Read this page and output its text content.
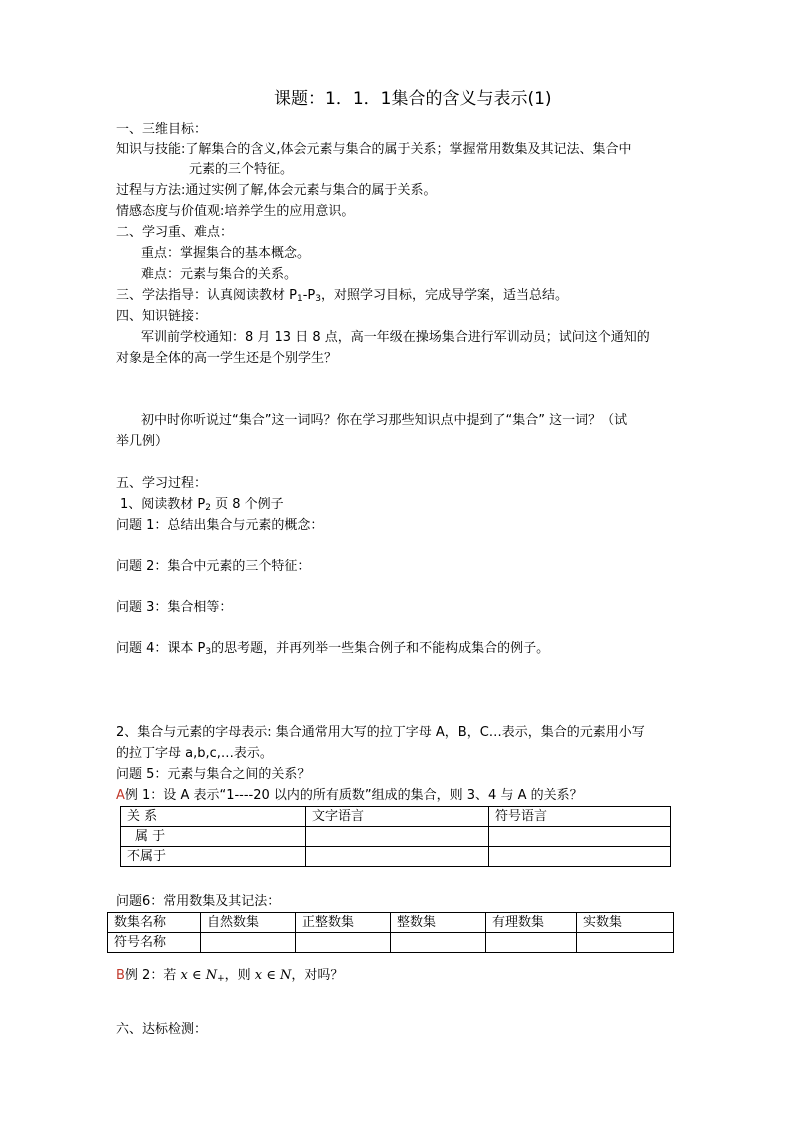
课题：1．1．1集合的含义与表示(1)
一、三维目标：
知识与技能:了解集合的含义,体会元素与集合的属于关系；掌握常用数集及其记法、集合中
元素的三个特征。
过程与方法:通过实例了解,体会元素与集合的属于关系。
情感态度与价值观:培养学生的应用意识。
二、学习重、难点：
重点：掌握集合的基本概念。
难点：元素与集合的关系。
三、学法指导：认真阅读教材 $P_1-P_3$，对照学习目标，完成导学案，适当总结。
四、知识链接：
军训前学校通知：8 月 13 日 8 点，高一年级在操场集合进行军训动员；试问这个通知的
对象是全体的高一学生还是个别学生？
初中时你听说过“集合”这一词吗？你在学习那些知识点中提到了“集合” 这一词？（试
举几例）
五、学习过程：
1、阅读教材 $P_2$ 页 8 个例子
问题 1：总结出集合与元素的概念：
问题 2：集合中元素的三个特征：
问题 3：集合相等：
问题 4：课本 $P_3$的思考题，并再列举一些集合例子和不能构成集合的例子。
2、集合与元素的字母表示: 集合通常用大写的拉丁字母 A，B，C…表示，集合的元素用小写
的拉丁字母 a,b,c,…表示。
问题 5：元素与集合之间的关系？
A例 1：设 A 表示“1----20 以内的所有质数”组成的集合，则 3、4 与 A 的关系？
关 系	文字语言	符号语言
属 于		
不属于		
问题6：常用数集及其记法：
数集名称	自然数集	正整数集	整数集	有理数集	实数集
符号名称					
B例 2：若 x ∈ $N_+$，则 x ∈ N，对吗？
六、达标检测：
